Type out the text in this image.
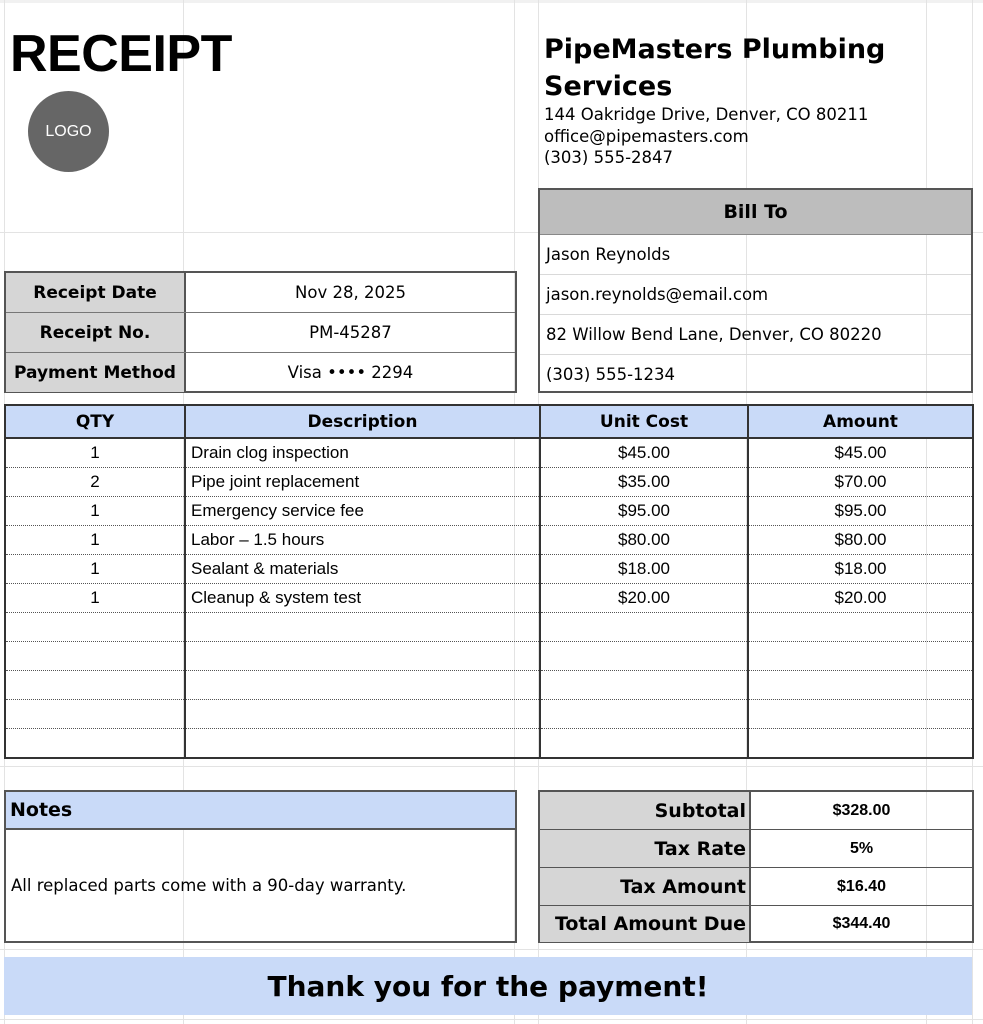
RECEIPT
LOGO
PipeMasters Plumbing Services
144 Oakridge Drive, Denver, CO 80211
office@pipemasters.com
(303) 555-2847
Bill To
Jason Reynolds
jason.reynolds@email.com
82 Willow Bend Lane, Denver, CO 80220
(303) 555-1234
Receipt Date	Nov 28, 2025
Receipt No.	PM-45287
Payment Method	Visa •••• 2294
QTY	Description	Unit Cost	Amount
1	Drain clog inspection	$45.00	$45.00
2	Pipe joint replacement	$35.00	$70.00
1	Emergency service fee	$95.00	$95.00
1	Labor – 1.5 hours	$80.00	$80.00
1	Sealant & materials	$18.00	$18.00
1	Cleanup & system test	$20.00	$20.00

Notes
All replaced parts come with a 90-day warranty.
Subtotal	$328.00
Tax Rate	5%
Tax Amount	$16.40
Total Amount Due	$344.40
Thank you for the payment!
